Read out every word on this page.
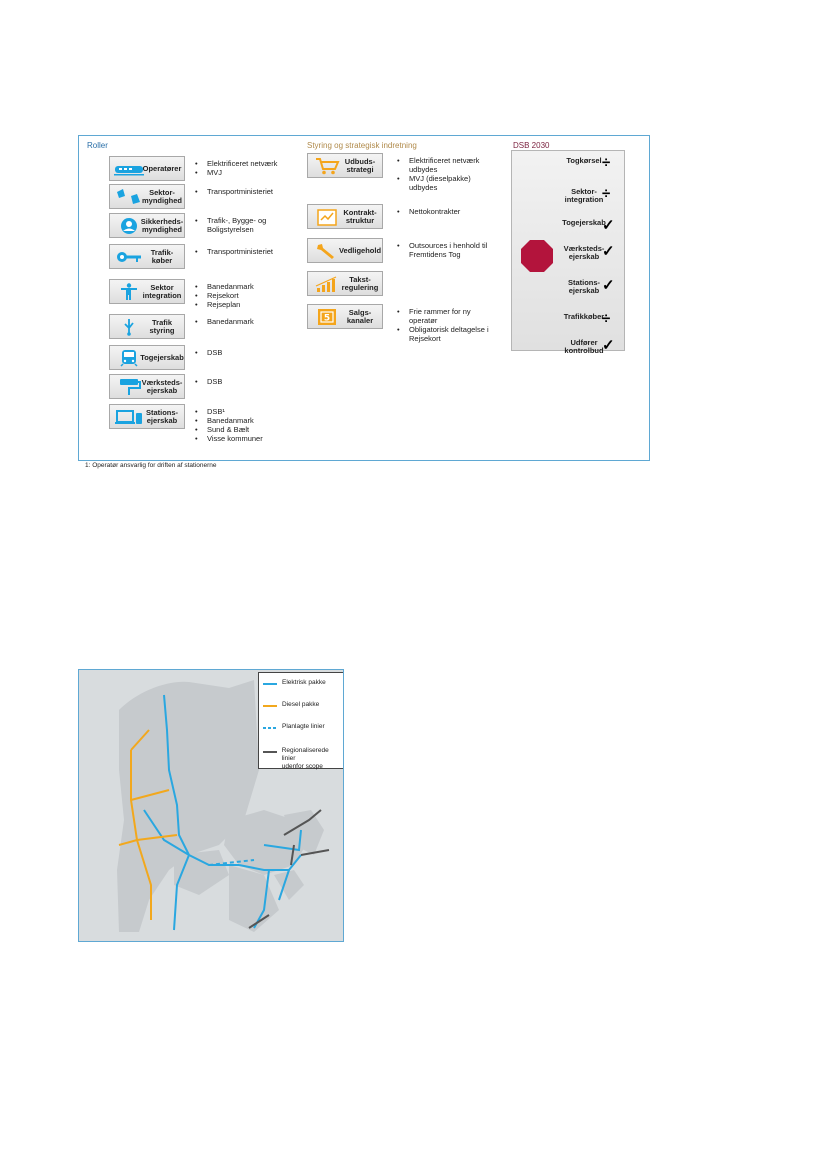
Roller	Styring og strategisk indretning	DSB 2030
Operatører
• Elektrificeret netværk
• MVJ
Sektor-
myndighed
• Transportministeriet
Sikkerheds-
myndighed
• Trafik-, Bygge- og
Boligstyrelsen
Trafik-
køber
• Transportministeriet
Sektor
integration
• Banedanmark
• Rejsekort
• Rejseplan
Trafik
styring
• Banedanmark
Togejerskab
• DSB
Værksteds-
ejerskab
• DSB
Stations-
ejerskab
• DSB¹
• Banedanmark
• Sund & Bælt
• Visse kommuner
Udbuds-
strategi
• Elektrificeret netværk
udbydes
• MVJ (dieselpakke)
udbydes
Kontrakt-
struktur
• Nettokontrakter
Vedligehold
• Outsources i henhold til
Fremtidens Tog
Takst-
regulering
5
Salgs-
kanaler
• Frie rammer for ny
operatør
• Obligatorisk deltagelse i
Rejsekort
Togkørsel ÷
Sektor-
integration
÷
Togejerskab
✓
Værksteds-
ejerskab ✓
Stations-
ejerskab ✓
Trafikkøber
÷
Udfører
kontrolbud
✓
1: Operatør ansvarlig for driften af stationerne
Elektrisk pakke
Diesel pakke
Planlagte linier
Regionaliserede linier
udenfor scope
